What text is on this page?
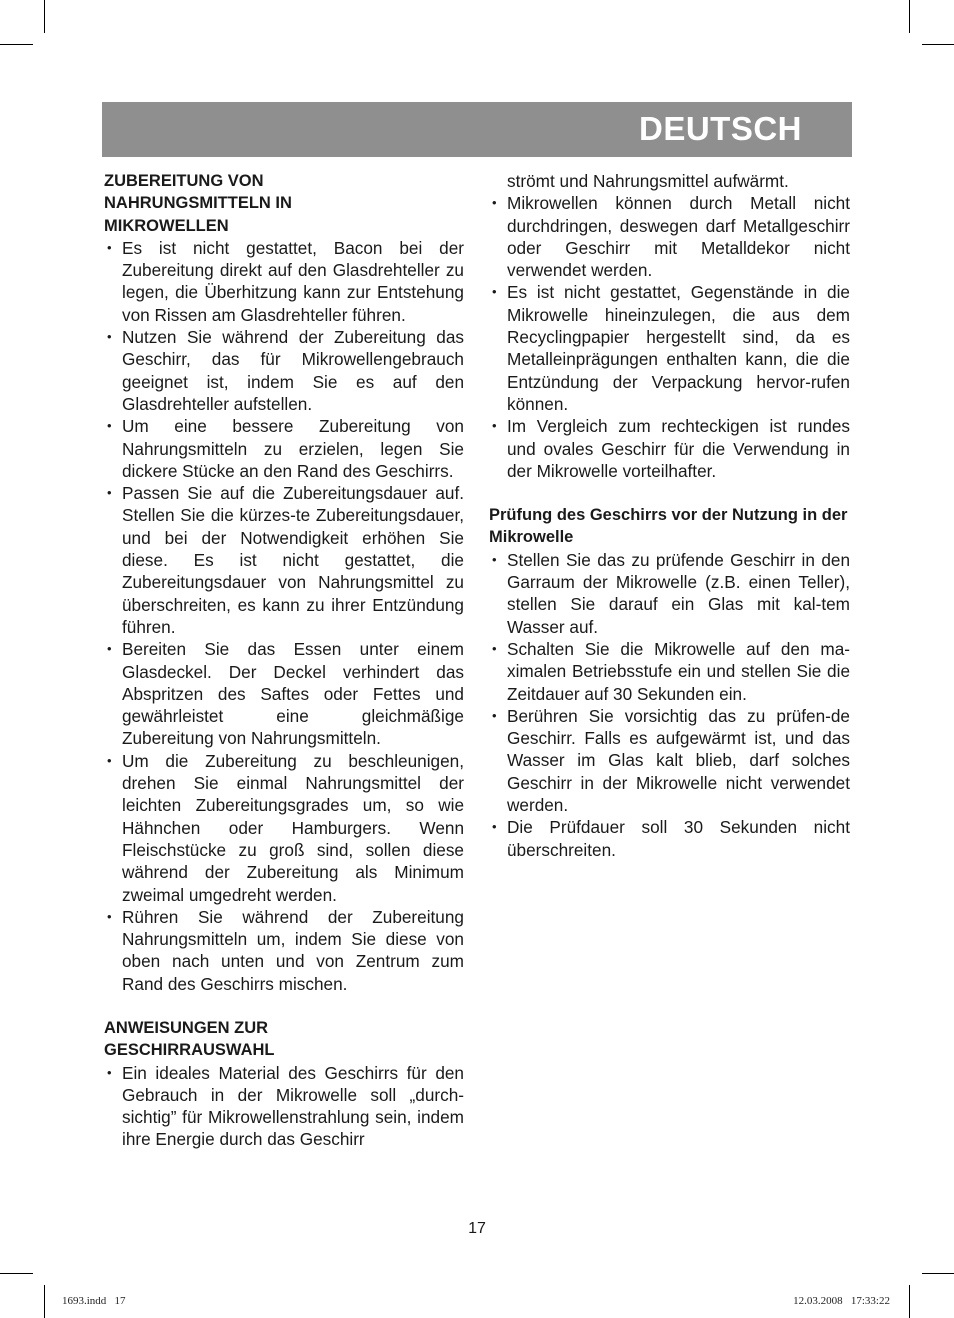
DEUTSCH
ZUBEREITUNG VON NAHRUNGSMITTELN IN MIKROWELLEN
• Es ist nicht gestattet, Bacon bei der Zubereitung direkt auf den Glasdrehteller zu legen, die Überhitzung kann zur Entstehung von Rissen am Glasdrehteller führen.
• Nutzen Sie während der Zubereitung das Geschirr, das für Mikrowellengebrauch geeignet ist, indem Sie es auf den Glasdrehteller aufstellen.
• Um eine bessere Zubereitung von Nahrungsmitteln zu erzielen, legen Sie dickere Stücke an den Rand des Geschirrs.
• Passen Sie auf die Zubereitungsdauer auf. Stellen Sie die kürzes-te Zubereitungsdauer, und bei der Notwendigkeit erhöhen Sie diese. Es ist nicht gestattet, die Zubereitungsdauer von Nahrungsmittel zu überschreiten, es kann zu ihrer Entzündung führen.
• Bereiten Sie das Essen unter einem Glasdeckel. Der Deckel verhindert das Abspritzen des Saftes oder Fettes und gewährleistet eine gleichmäßige Zubereitung von Nahrungsmitteln.
• Um die Zubereitung zu beschleunigen, drehen Sie einmal Nahrungsmittel der leichten Zubereitungsgrades um, so wie Hähnchen oder Hamburgers. Wenn Fleischstücke zu groß sind, sollen diese während der Zubereitung als Minimum zweimal umgedreht werden.
• Rühren Sie während der Zubereitung Nahrungsmitteln um, indem Sie diese von oben nach unten und von Zentrum zum Rand des Geschirrs mischen.
ANWEISUNGEN ZUR GESCHIRRAUSWAHL
• Ein ideales Material des Geschirrs für den Gebrauch in der Mikrowelle soll „durch-sichtig” für Mikrowellenstrahlung sein, indem ihre Energie durch das Geschirr
strömt und Nahrungsmittel aufwärmt.
• Mikrowellen können durch Metall nicht durchdringen, deswegen darf Metallgeschirr oder Geschirr mit Metalldekor nicht verwendet werden.
• Es ist nicht gestattet, Gegenstände in die Mikrowelle hineinzulegen, die aus dem Recyclingpapier hergestellt sind, da es Metalleinprägungen enthalten kann, die die Entzündung der Verpackung hervor-rufen können.
• Im Vergleich zum rechteckigen ist rundes und ovales Geschirr für die Verwendung in der Mikrowelle vorteilhafter.
Prüfung des Geschirrs vor der Nutzung in der Mikrowelle
• Stellen Sie das zu prüfende Geschirr in den Garraum der Mikrowelle (z.B. einen Teller), stellen Sie darauf ein Glas mit kal-tem Wasser auf.
• Schalten Sie die Mikrowelle auf den ma-ximalen Betriebsstufe ein und stellen Sie die Zeitdauer auf 30 Sekunden ein.
• Berühren Sie vorsichtig das zu prüfen-de Geschirr. Falls es aufgewärmt ist, und das Wasser im Glas kalt blieb, darf solches Geschirr in der Mikrowelle nicht verwendet werden.
• Die Prüfdauer soll 30 Sekunden nicht überschreiten.
17
1693.indd   17	12.03.2008   17:33:22
